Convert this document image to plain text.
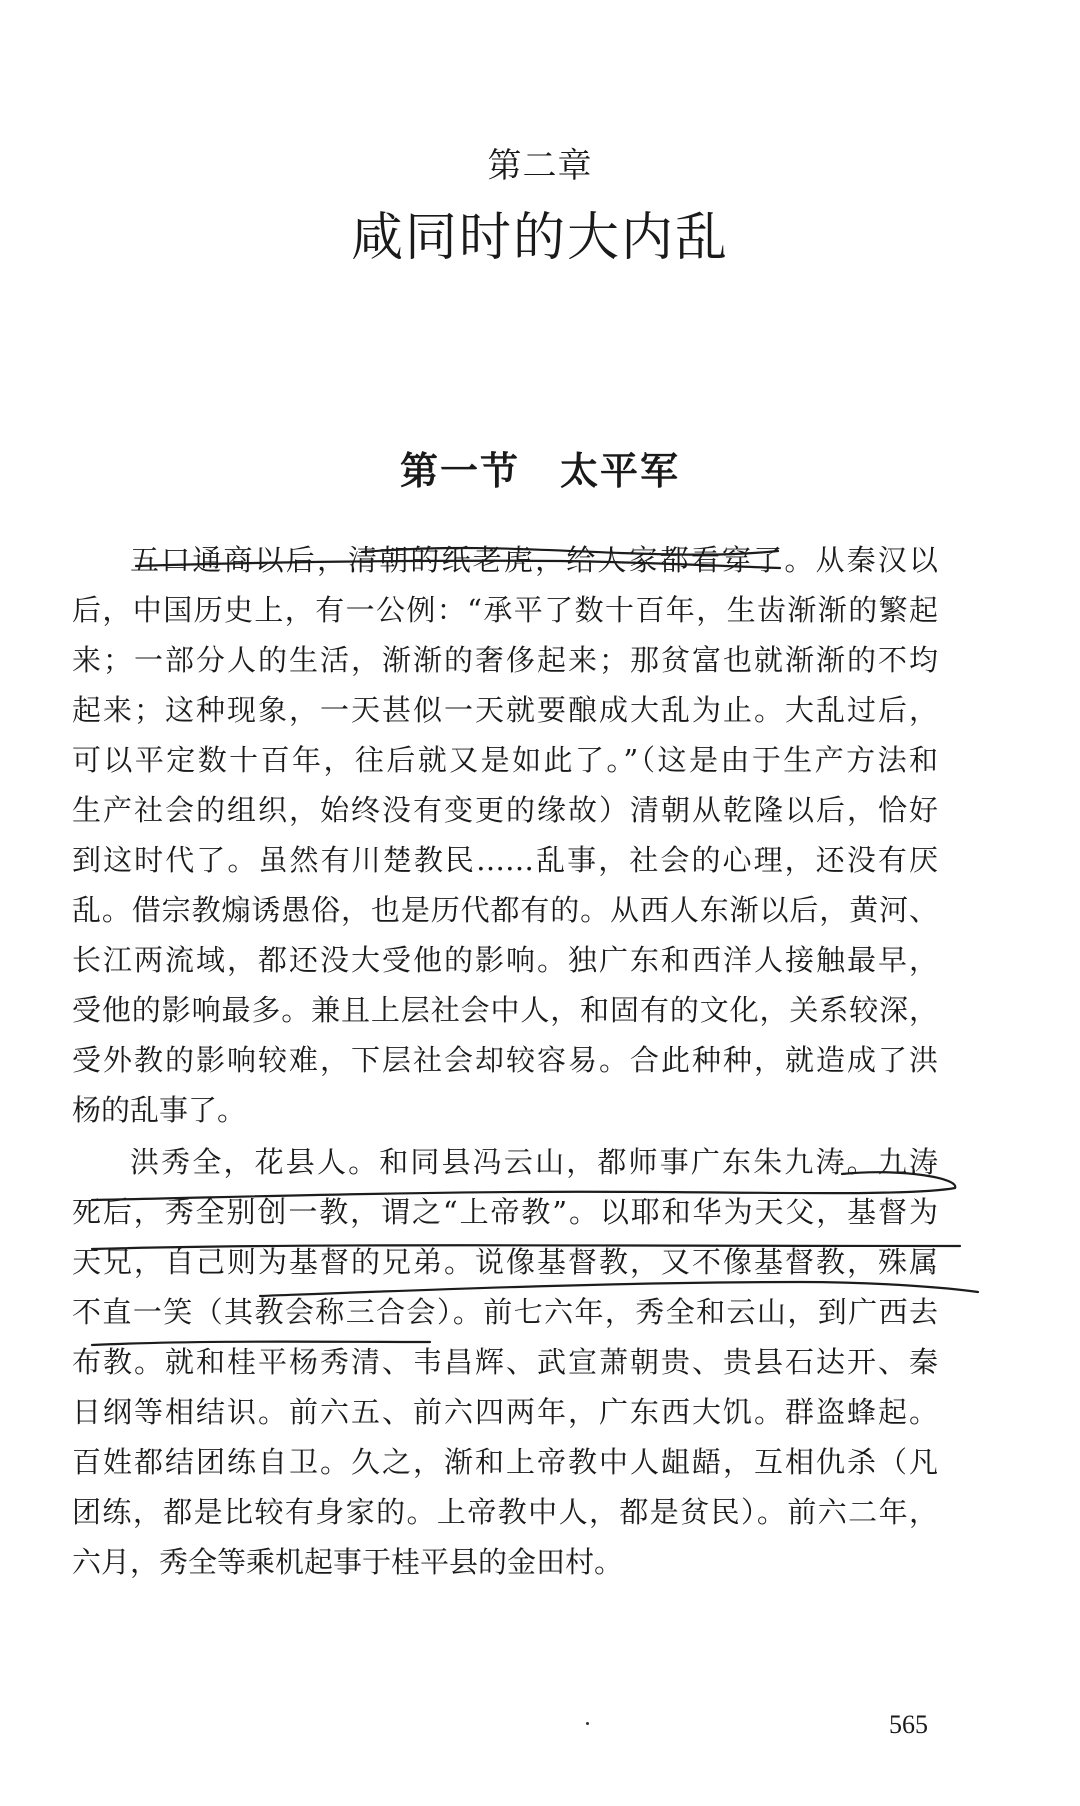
第二章
咸同时的大内乱
第一节　太平军
五口通商以后，清朝的纸老虎，给人家都看穿了。从秦汉以
后，中国历史上，有一公例：“承平了数十百年，生齿渐渐的繁起
来；一部分人的生活，渐渐的奢侈起来；那贫富也就渐渐的不均
起来；这种现象，一天甚似一天就要酿成大乱为止。大乱过后，
可以平定数十百年，往后就又是如此了。”（这是由于生产方法和
生产社会的组织，始终没有变更的缘故）清朝从乾隆以后，恰好
到这时代了。虽然有川楚教民……乱事，社会的心理，还没有厌
乱。借宗教煽诱愚俗，也是历代都有的。从西人东渐以后，黄河、
长江两流域，都还没大受他的影响。独广东和西洋人接触最早，
受他的影响最多。兼且上层社会中人，和固有的文化，关系较深，
受外教的影响较难，下层社会却较容易。合此种种，就造成了洪
杨的乱事了。
洪秀全，花县人。和同县冯云山，都师事广东朱九涛。九涛
死后，秀全别创一教，谓之“上帝教”。以耶和华为天父，基督为
天兄，自己则为基督的兄弟。说像基督教，又不像基督教，殊属
不直一笑（其教会称三合会）。前七六年，秀全和云山，到广西去
布教。就和桂平杨秀清、韦昌辉、武宣萧朝贵、贵县石达开、秦
日纲等相结识。前六五、前六四两年，广东西大饥。群盗蜂起。
百姓都结团练自卫。久之，渐和上帝教中人龃龉，互相仇杀（凡
团练，都是比较有身家的。上帝教中人，都是贫民）。前六二年，
六月，秀全等乘机起事于桂平县的金田村。
565
